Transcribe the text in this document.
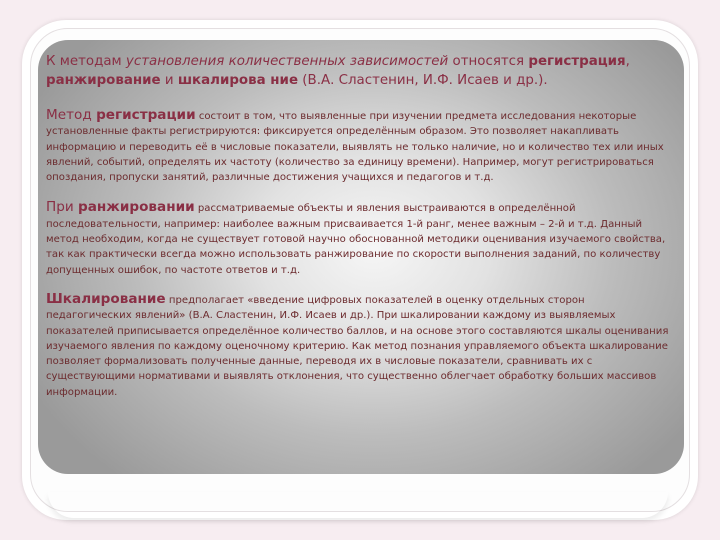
К методам установления количественных зависимостей относятся регистрация, ранжирование и шкалирова ние (В.А. Сластенин, И.Ф. Исаев и др.).

Метод регистрации состоит в том, что выявленные при изучении предмета исследования некоторые установленные факты регистрируются: фиксируется определённым образом. Это позволяет накапливать информацию и переводить её в числовые показатели, выявлять не только наличие, но и количество тех или иных явлений, событий, определять их частоту (количество за единицу времени). Например, могут регистрироваться опоздания, пропуски занятий, различные достижения учащихся и педагогов и т.д.

При ранжировании рассматриваемые объекты и явления выстраиваются в определённой последовательности, например: наиболее важным присваивается 1-й ранг, менее важным – 2-й и т.д. Данный метод необходим, когда не существует готовой научно обоснованной методики оценивания изучаемого свойства, так как практически всегда можно использовать ранжирование по скорости выполнения заданий, по количеству допущенных ошибок, по частоте ответов и т.д.

Шкалирование предполагает «введение цифровых показателей в оценку отдельных сторон педагогических явлений» (В.А. Сластенин, И.Ф. Исаев и др.). При шкалировании каждому из выявляемых показателей приписывается определённое количество баллов, и на основе этого составляются шкалы оценивания изучаемого явления по каждому оценочному критерию. Как метод познания управляемого объекта шкалирование позволяет формализовать полученные данные, переводя их в числовые показатели, сравнивать их с существующими нормативами и выявлять отклонения, что существенно облегчает обработку больших массивов информации.
